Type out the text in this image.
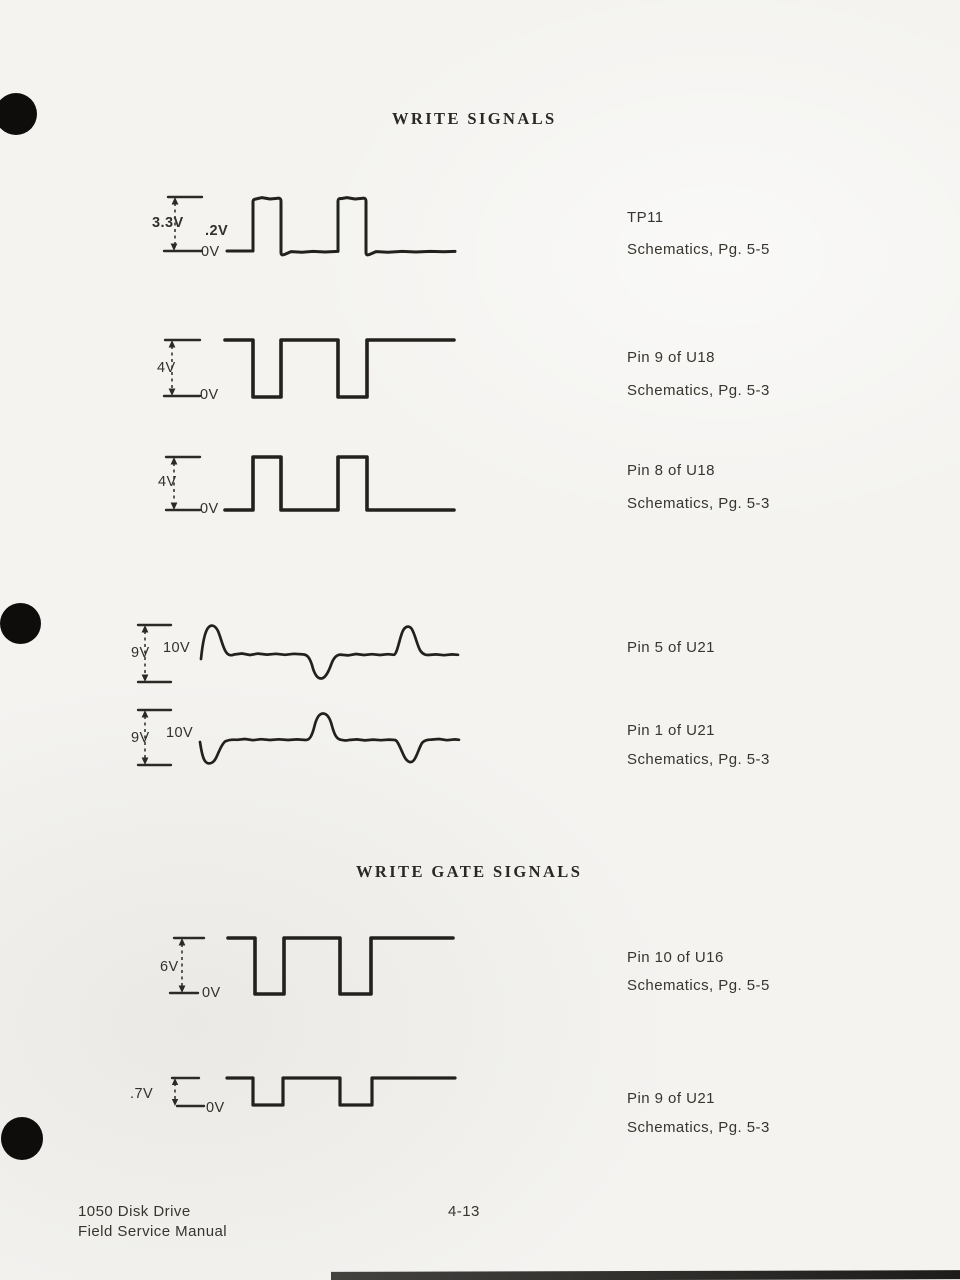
WRITE SIGNALS
3.3V .2V
0V
TP11
Schematics, Pg. 5-5
4V
0V
Pin 9 of U18
Schematics, Pg. 5-3
4V
0V
Pin 8 of U18
Schematics, Pg. 5-3
9V 10V	Pin 5 of U21
9V 10V	Pin 1 of U21
Schematics, Pg. 5-3
WRITE GATE SIGNALS
6V
0V
Pin 10 of U16
Schematics, Pg. 5-5
.7V
0V
Pin 9 of U21
Schematics, Pg. 5-3
1050 Disk Drive
Field Service Manual
4-13
